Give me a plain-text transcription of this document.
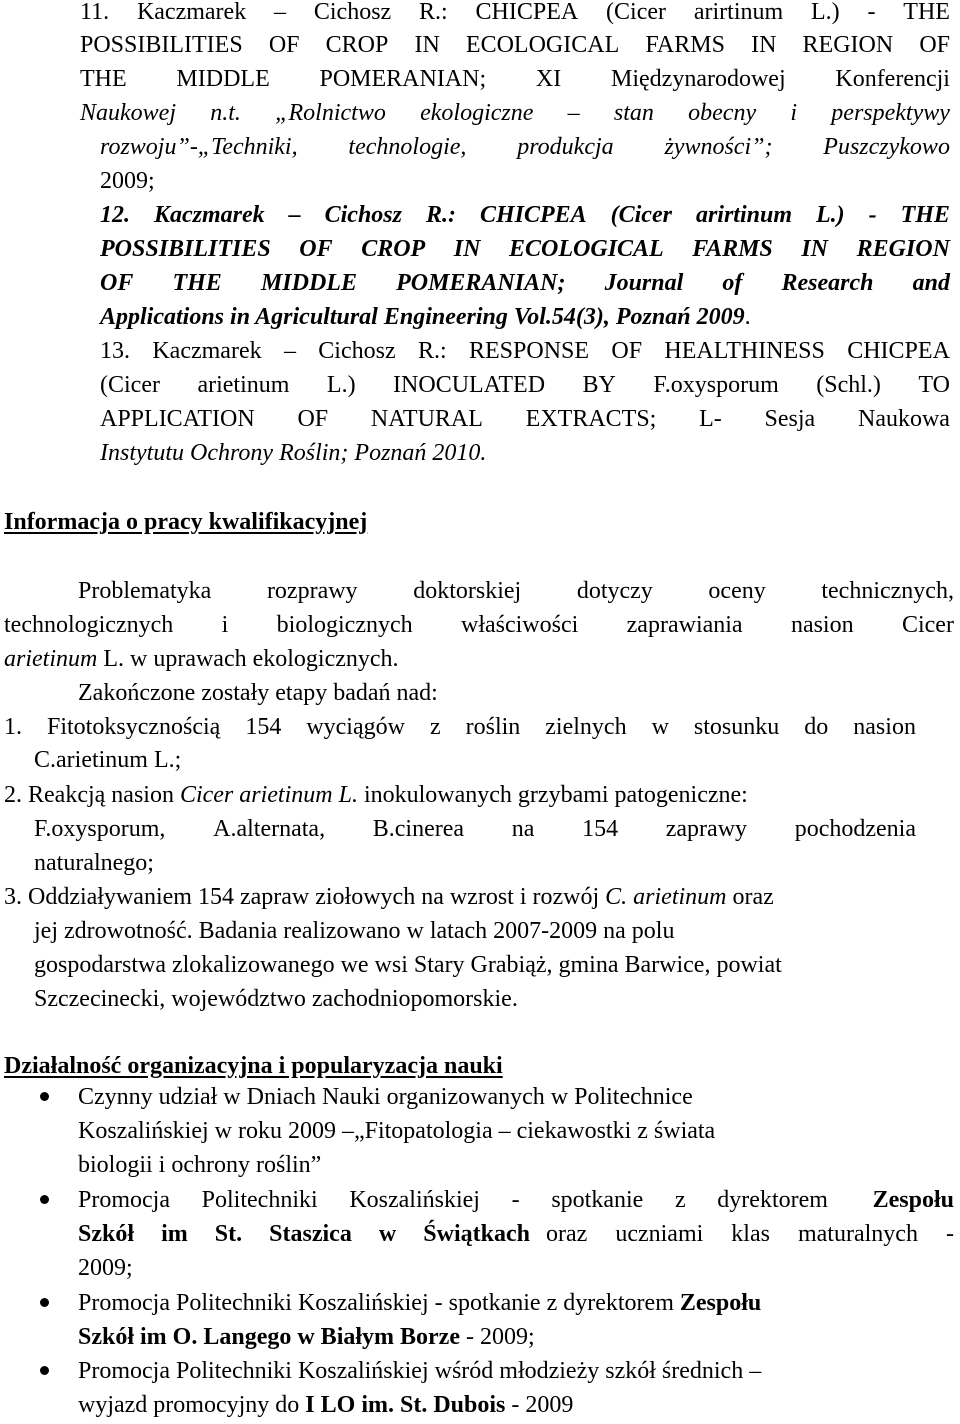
11. Kaczmarek – Cichosz R.: CHICPEA (Cicer arirtinum L.) - THE
POSSIBILITIES OF CROP IN ECOLOGICAL FARMS IN REGION OF
THE MIDDLE POMERANIAN; XI Międzynarodowej Konferencji
Naukowej n.t. „Rolnictwo ekologiczne – stan obecny i perspektywy
rozwoju”-„Techniki, technologie, produkcja żywności”; Puszczykowo
2009;
12. Kaczmarek – Cichosz R.: CHICPEA (Cicer arirtinum L.) - THE
POSSIBILITIES OF CROP IN ECOLOGICAL FARMS IN REGION
OF THE MIDDLE POMERANIAN; Journal of Research and
Applications in Agricultural Engineering Vol.54(3), Poznań 2009.
13. Kaczmarek – Cichosz R.: RESPONSE OF HEALTHINESS CHICPEA
(Cicer arietinum L.) INOCULATED BY F.oxysporum (Schl.) TO
APPLICATION OF NATURAL EXTRACTS; L- Sesja Naukowa
Instytutu Ochrony Roślin; Poznań 2010.
Informacja o pracy kwalifikacyjnej
Problematyka rozprawy doktorskiej dotyczy oceny technicznych,
technologicznych i biologicznych właściwości zaprawiania nasion Cicer
arietinum L. w uprawach ekologicznych.
Zakończone zostały etapy badań nad:
1. Fitotoksycznością 154 wyciągów z roślin zielnych w stosunku do nasion
C.arietinum L.;
2. Reakcją nasion Cicer arietinum L. inokulowanych grzybami patogeniczne:
F.oxysporum, A.alternata, B.cinerea na 154 zaprawy pochodzenia
naturalnego;
3. Oddziaływaniem 154 zapraw ziołowych na wzrost i rozwój C. arietinum oraz
jej zdrowotność. Badania realizowano w latach 2007-2009 na polu
gospodarstwa zlokalizowanego we wsi Stary Grabiąż, gmina Barwice, powiat
Szczecinecki, województwo zachodniopomorskie.
Działalność organizacyjna i popularyzacja nauki
Czynny udział w Dniach Nauki organizowanych w Politechnice
Koszalińskiej w roku 2009 –„Fitopatologia – ciekawostki z świata
biologii i ochrony roślin”
Promocja Politechniki Koszalińskiej - spotkanie z dyrektorem Zespołu
Szkół im St. Staszica w Świątkach oraz uczniami klas maturalnych -
2009;
Promocja Politechniki Koszalińskiej - spotkanie z dyrektorem Zespołu
Szkół im O. Langego w Białym Borze - 2009;
Promocja Politechniki Koszalińskiej wśród młodzieży szkół średnich –
wyjazd promocyjny do I LO im. St. Dubois - 2009
